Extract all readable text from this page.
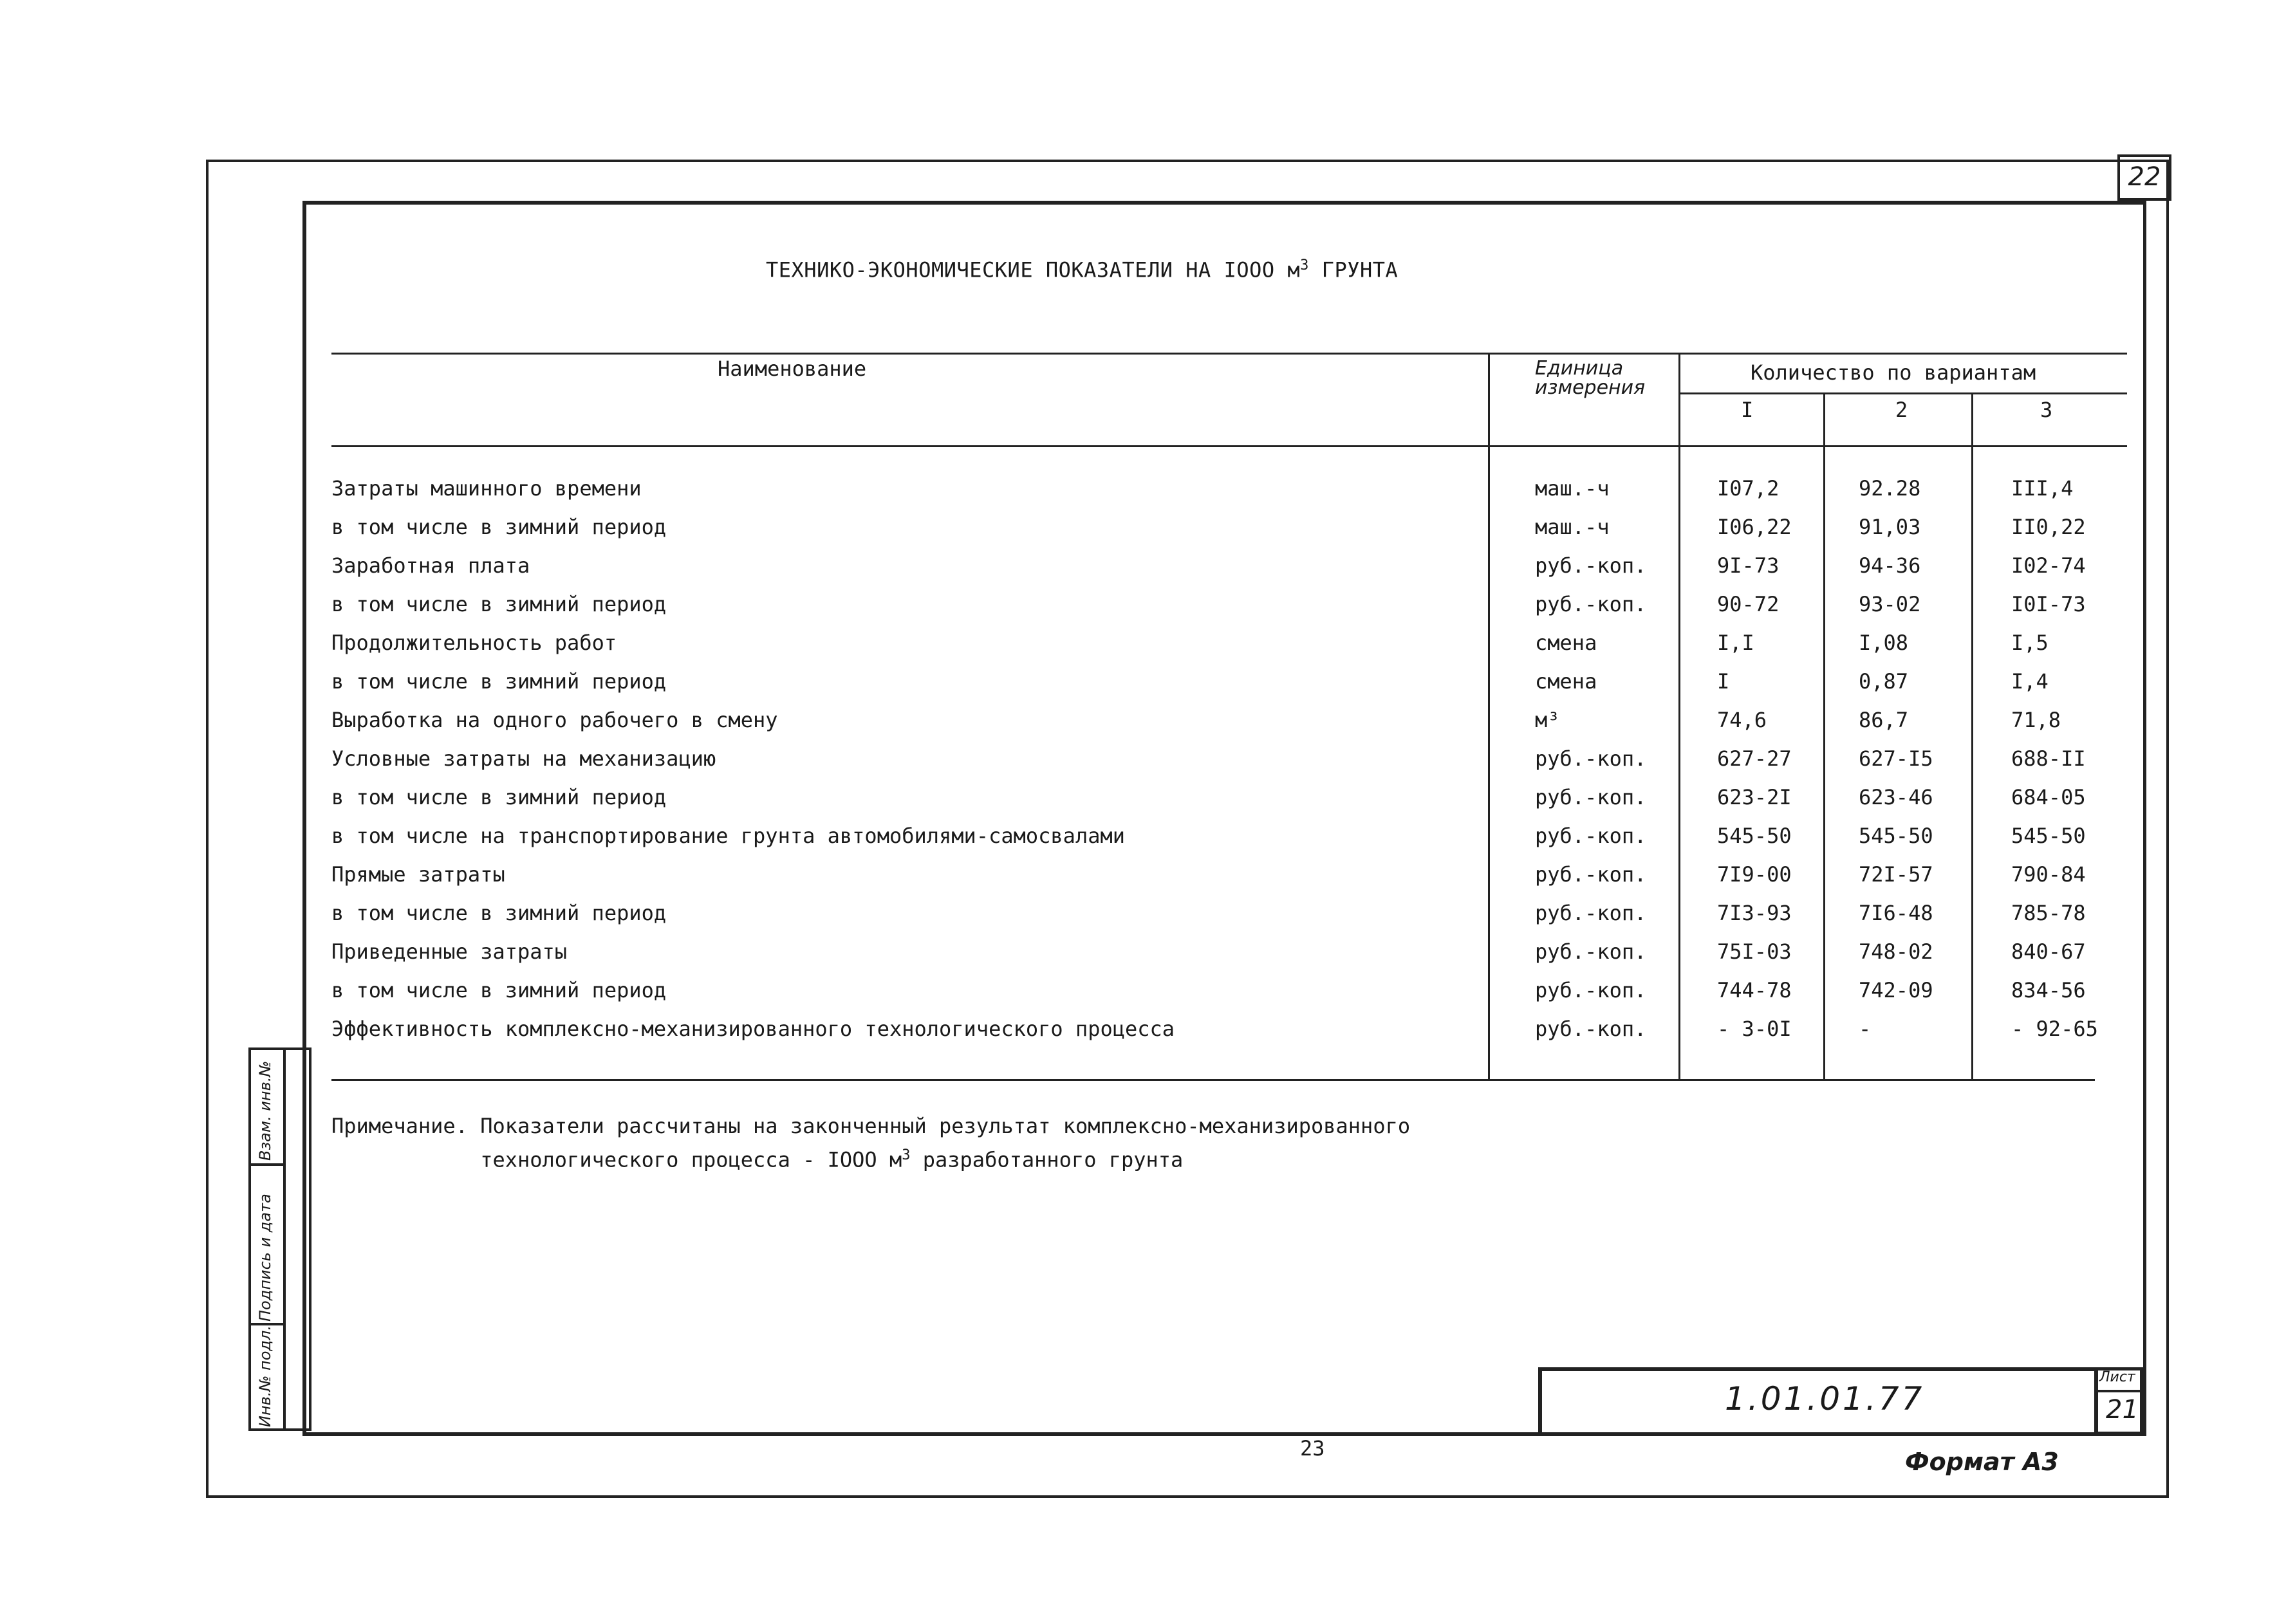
22
ТЕХНИКО-ЭКОНОМИЧЕСКИЕ ПОКАЗАТЕЛИ НА IOOO $м^3$ ГРУНТА
Наименование	Единица
измерения
Количество по вариантам
I	2	3
Затраты машинного времени	маш.-ч	I07,2	92.28	III,4
в том числе в зимний период	маш.-ч	I06,22	91,03	II0,22
Заработная плата	руб.-коп.	9I-73	94-36	I02-74
в том числе в зимний период	руб.-коп.	90-72	93-02	I0I-73
Продолжительность работ	смена	I,I	I,08	I,5
в том числе в зимний период	смена	I	0,87	I,4
Выработка на одного рабочего в смену	м³	74,6	86,7	71,8
Условные затраты на механизацию	руб.-коп.	627-27	627-I5	688-II
в том числе в зимний период	руб.-коп.	623-2I	623-46	684-05
в том числе на транспортирование грунта автомобилями-самосвалами	руб.-коп.	545-50	545-50	545-50
Прямые затраты	руб.-коп.	7I9-00	72I-57	790-84
в том числе в зимний период	руб.-коп.	7I3-93	7I6-48	785-78
Приведенные затраты	руб.-коп.	75I-03	748-02	840-67
в том числе в зимний период	руб.-коп.	744-78	742-09	834-56
Эффективность комплексно-механизированного технологического процесса	руб.-коп.	- 3-0I	-	- 92-65
Примечание. Показатели рассчитаны на законченный результат комплексно-механизированного
технологического процесса - IOOO $м^3$ разработанного грунта
Взам. инв.№
Подпись и дата
Инв.№ подл.	1.01.01.77
Лист
21
23	Формат А3
